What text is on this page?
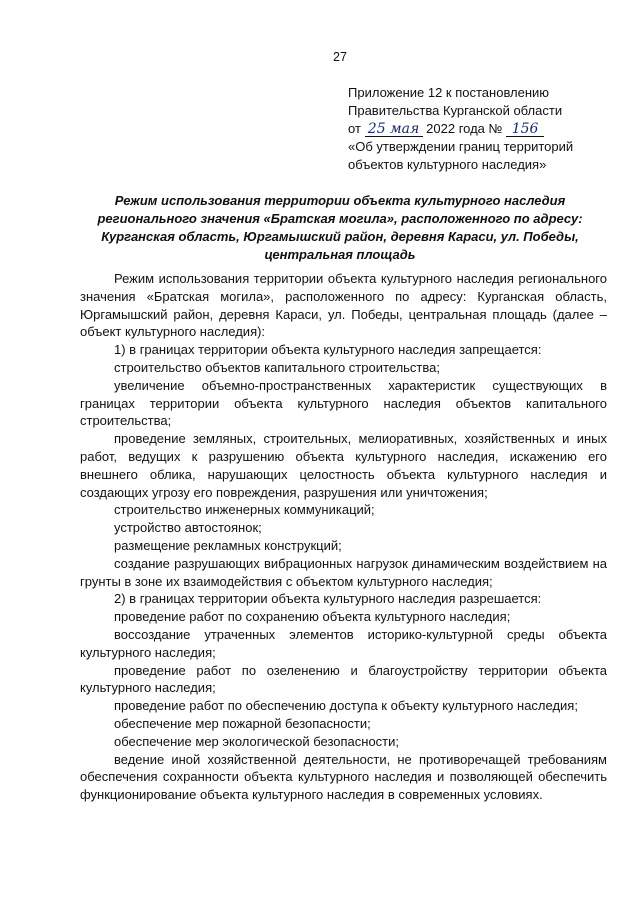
27
Приложение 12 к постановлению
Правительства Курганской области
от 25 мая 2022 года № 156
«Об утверждении границ территорий
объектов культурного наследия»
Режим использования территории объекта культурного наследия регионального значения «Братская могила», расположенного по адресу: Курганская область, Юргамышский район, деревня Караси, ул. Победы, центральная площадь

Режим использования территории объекта культурного наследия регионального значения «Братская могила», расположенного по адресу: Курганская область, Юргамышский район, деревня Караси, ул. Победы, центральная площадь (далее – объект культурного наследия):

1) в границах территории объекта культурного наследия запрещается:

строительство объектов капитального строительства;

увеличение объемно-пространственных характеристик существующих в границах территории объекта культурного наследия объектов капитального строительства;

проведение земляных, строительных, мелиоративных, хозяйственных и иных работ, ведущих к разрушению объекта культурного наследия, искажению его внешнего облика, нарушающих целостность объекта культурного наследия и создающих угрозу его повреждения, разрушения или уничтожения;

строительство инженерных коммуникаций;

устройство автостоянок;

размещение рекламных конструкций;

создание разрушающих вибрационных нагрузок динамическим воздействием на грунты в зоне их взаимодействия с объектом культурного наследия;

2) в границах территории объекта культурного наследия разрешается:

проведение работ по сохранению объекта культурного наследия;

воссоздание утраченных элементов историко-культурной среды объекта культурного наследия;

проведение работ по озеленению и благоустройству территории объекта культурного наследия;

проведение работ по обеспечению доступа к объекту культурного наследия;

обеспечение мер пожарной безопасности;

обеспечение мер экологической безопасности;

ведение иной хозяйственной деятельности, не противоречащей требованиям обеспечения сохранности объекта культурного наследия и позволяющей обеспечить функционирование объекта культурного наследия в современных условиях.
